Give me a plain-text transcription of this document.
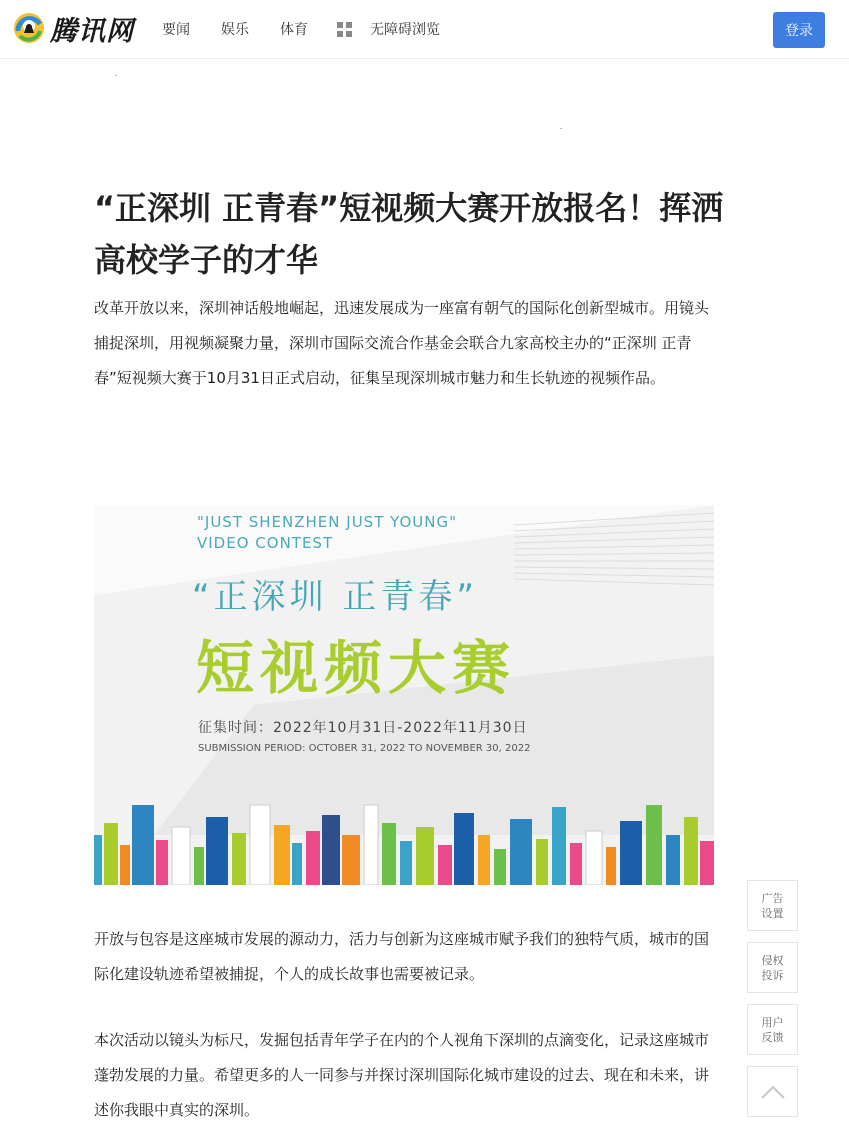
腾讯网 要闻 娱乐 体育	无障碍浏览	登录
“正深圳 正青春”短视频大赛开放报名！挥洒高校学子的才华

改革开放以来，深圳神话般地崛起，迅速发展成为一座富有朝气的国际化创新型城市。用镜头捕捉深圳，用视频凝聚力量，深圳市国际交流合作基金会联合九家高校主办的“正深圳 正青春”短视频大赛于10月31日正式启动，征集呈现深圳城市魅力和生长轨迹的视频作品。

"JUST SHENZHEN JUST YOUNG"
VIDEO CONTEST
“正深圳 正青春”
短视频大赛
征集时间：2022年10月31日-2022年11月30日
SUBMISSION PERIOD: OCTOBER 31, 2022 TO NOVEMBER 30, 2022

开放与包容是这座城市发展的源动力，活力与创新为这座城市赋予我们的独特气质，城市的国际化建设轨迹希望被捕捉，个人的成长故事也需要被记录。

本次活动以镜头为标尺，发掘包括青年学子在内的个人视角下深圳的点滴变化，记录这座城市蓬勃发展的力量。希望更多的人一同参与并探讨深圳国际化城市建设的过去、现在和未来，讲述你我眼中真实的深圳。

广告设置
侵权投诉
用户反馈
